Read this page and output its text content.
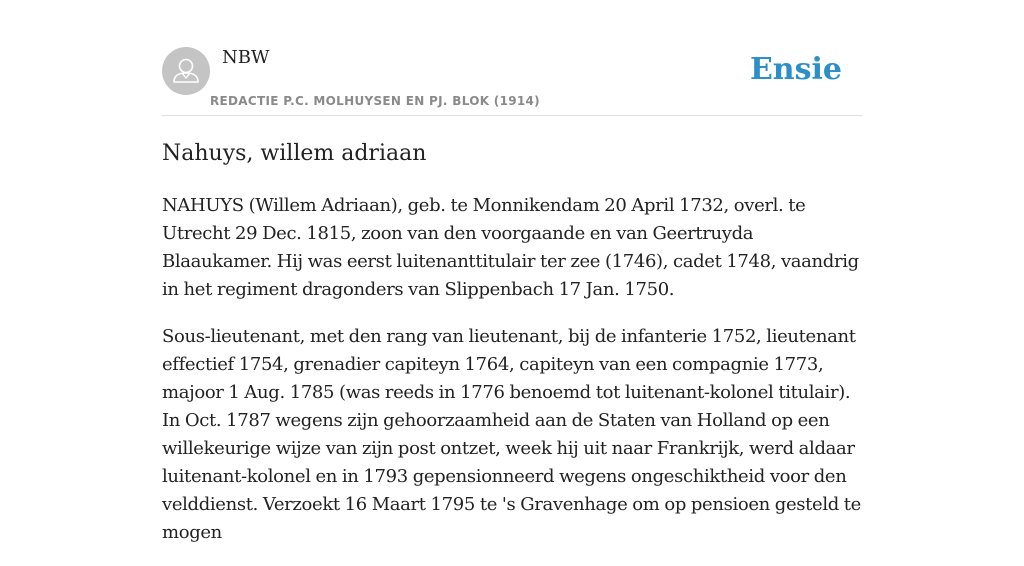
NBW
REDACTIE P.C. MOLHUYSEN EN PJ. BLOK (1914)
Ensie
Nahuys, willem adriaan

NAHUYS (Willem Adriaan), geb. te Monnikendam 20 April 1732, overl. te Utrecht 29 Dec. 1815, zoon van den voorgaande en van Geertruyda Blaaukamer. Hij was eerst luitenanttitulair ter zee (1746), cadet 1748, vaandrig in het regiment dragonders van Slippenbach 17 Jan. 1750.

Sous-lieutenant, met den rang van lieutenant, bij de infanterie 1752, lieutenant effectief 1754, grenadier capiteyn 1764, capiteyn van een compagnie 1773, majoor 1 Aug. 1785 (was reeds in 1776 benoemd tot luitenant-kolonel titulair). In Oct. 1787 wegens zijn gehoorzaamheid aan de Staten van Holland op een willekeurige wijze van zijn post ontzet, week hij uit naar Frankrijk, werd aldaar luitenant-kolonel en in 1793 gepensionneerd wegens ongeschiktheid voor den velddienst. Verzoekt 16 Maart 1795 te 's Gravenhage om op pensioen gesteld te mogen
